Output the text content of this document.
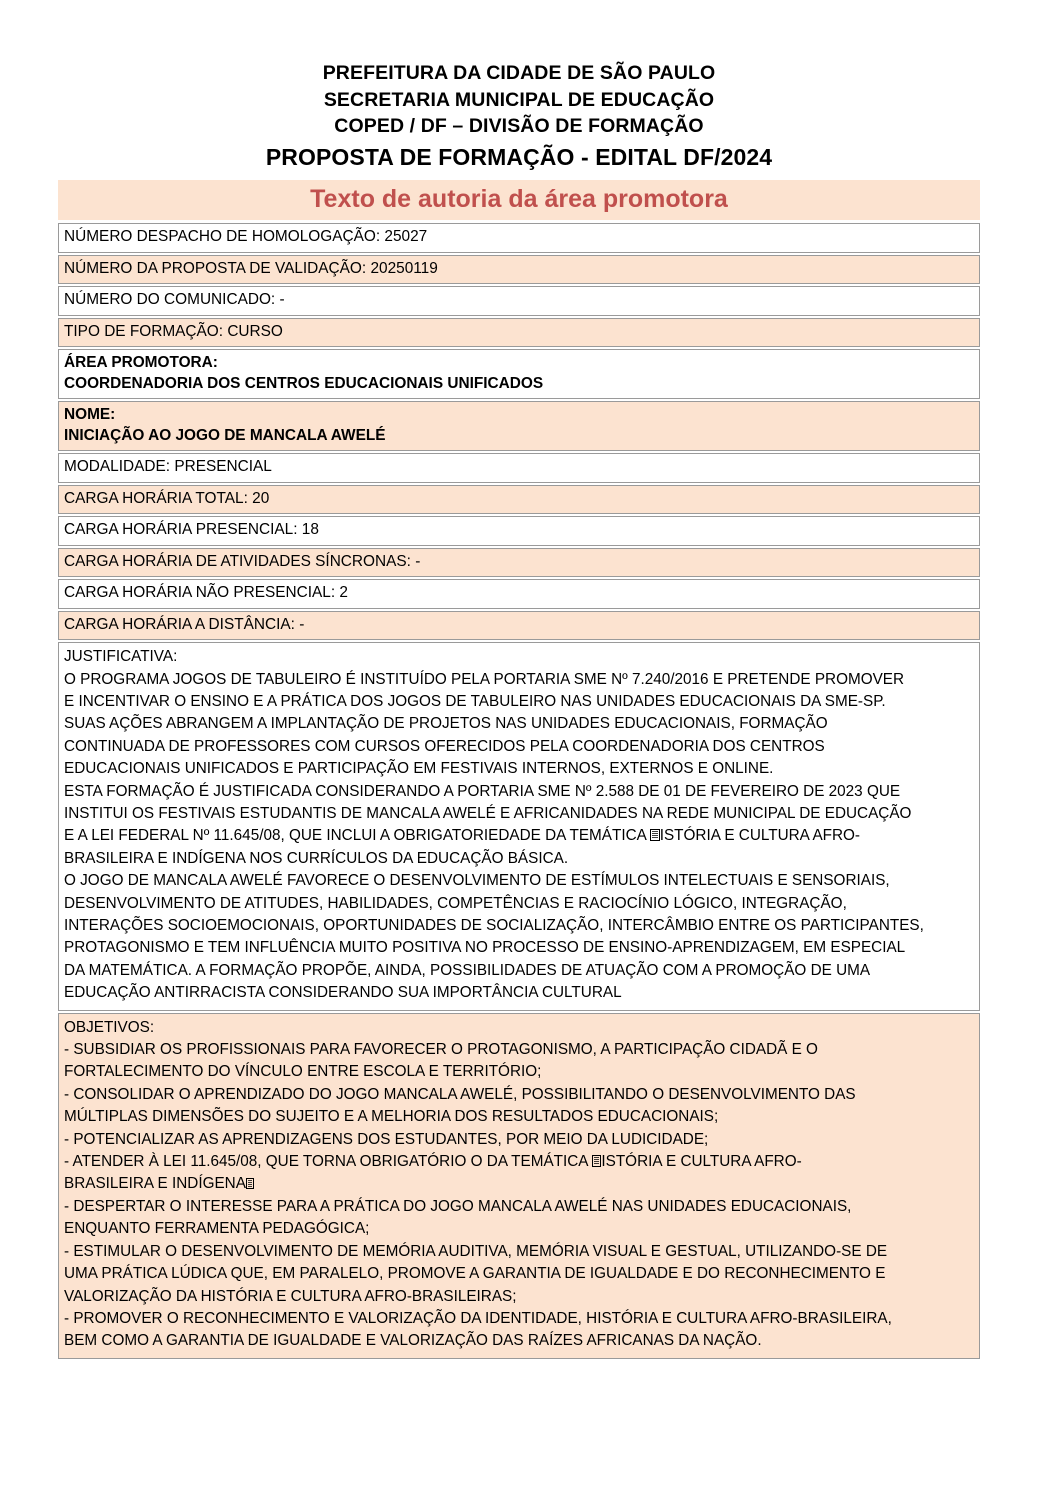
PREFEITURA DA CIDADE DE SÃO PAULO
SECRETARIA MUNICIPAL DE EDUCAÇÃO
COPED / DF – DIVISÃO DE FORMAÇÃO
PROPOSTA DE FORMAÇÃO - EDITAL DF/2024
Texto de autoria da área promotora
NÚMERO DESPACHO DE HOMOLOGAÇÃO: 25027
NÚMERO DA PROPOSTA DE VALIDAÇÃO: 20250119
NÚMERO DO COMUNICADO: -
TIPO DE FORMAÇÃO: CURSO

ÁREA PROMOTORA:
COORDENADORIA DOS CENTROS EDUCACIONAIS UNIFICADOS

NOME:
INICIAÇÃO AO JOGO DE MANCALA AWELÉ

MODALIDADE: PRESENCIAL
CARGA HORÁRIA TOTAL: 20
CARGA HORÁRIA PRESENCIAL: 18
CARGA HORÁRIA DE ATIVIDADES SÍNCRONAS: -
CARGA HORÁRIA NÃO PRESENCIAL: 2
CARGA HORÁRIA A DISTÂNCIA: -

JUSTIFICATIVA:
O PROGRAMA JOGOS DE TABULEIRO É INSTITUÍDO PELA PORTARIA SME Nº 7.240/2016 E PRETENDE PROMOVER
E INCENTIVAR O ENSINO E A PRÁTICA DOS JOGOS DE TABULEIRO NAS UNIDADES EDUCACIONAIS DA SME-SP.
SUAS AÇÕES ABRANGEM A IMPLANTAÇÃO DE PROJETOS NAS UNIDADES EDUCACIONAIS, FORMAÇÃO
CONTINUADA DE PROFESSORES COM CURSOS OFERECIDOS PELA COORDENADORIA DOS CENTROS
EDUCACIONAIS UNIFICADOS E PARTICIPAÇÃO EM FESTIVAIS INTERNOS, EXTERNOS E ONLINE.
ESTA FORMAÇÃO É JUSTIFICADA CONSIDERANDO A PORTARIA SME Nº 2.588 DE 01 DE FEVEREIRO DE 2023 QUE
INSTITUI OS FESTIVAIS ESTUDANTIS DE MANCALA AWELÉ E AFRICANIDADES NA REDE MUNICIPAL DE EDUCAÇÃO
E A LEI FEDERAL Nº 11.645/08, QUE INCLUI A OBRIGATORIEDADE DA TEMÁTICA ISTÓRIA E CULTURA AFRO-
BRASILEIRA E INDÍGENA NOS CURRÍCULOS DA EDUCAÇÃO BÁSICA.
O JOGO DE MANCALA AWELÉ FAVORECE O DESENVOLVIMENTO DE ESTÍMULOS INTELECTUAIS E SENSORIAIS,
DESENVOLVIMENTO DE ATITUDES, HABILIDADES, COMPETÊNCIAS E RACIOCÍNIO LÓGICO, INTEGRAÇÃO,
INTERAÇÕES SOCIOEMOCIONAIS, OPORTUNIDADES DE SOCIALIZAÇÃO, INTERCÂMBIO ENTRE OS PARTICIPANTES,
PROTAGONISMO E TEM INFLUÊNCIA MUITO POSITIVA NO PROCESSO DE ENSINO-APRENDIZAGEM, EM ESPECIAL
DA MATEMÁTICA. A FORMAÇÃO PROPÕE, AINDA, POSSIBILIDADES DE ATUAÇÃO COM A PROMOÇÃO DE UMA
EDUCAÇÃO ANTIRRACISTA CONSIDERANDO SUA IMPORTÂNCIA CULTURAL

OBJETIVOS:
- SUBSIDIAR OS PROFISSIONAIS PARA FAVORECER O PROTAGONISMO, A PARTICIPAÇÃO CIDADÃ E O
FORTALECIMENTO DO VÍNCULO ENTRE ESCOLA E TERRITÓRIO;
- CONSOLIDAR O APRENDIZADO DO JOGO MANCALA AWELÉ, POSSIBILITANDO O DESENVOLVIMENTO DAS
MÚLTIPLAS DIMENSÕES DO SUJEITO E A MELHORIA DOS RESULTADOS EDUCACIONAIS;
- POTENCIALIZAR AS APRENDIZAGENS DOS ESTUDANTES, POR MEIO DA LUDICIDADE;
- ATENDER À LEI 11.645/08, QUE TORNA OBRIGATÓRIO O DA TEMÁTICA ISTÓRIA E CULTURA AFRO-
BRASILEIRA E INDÍGENA
- DESPERTAR O INTERESSE PARA A PRÁTICA DO JOGO MANCALA AWELÉ NAS UNIDADES EDUCACIONAIS,
ENQUANTO FERRAMENTA PEDAGÓGICA;
- ESTIMULAR O DESENVOLVIMENTO DE MEMÓRIA AUDITIVA, MEMÓRIA VISUAL E GESTUAL, UTILIZANDO-SE DE
UMA PRÁTICA LÚDICA QUE, EM PARALELO, PROMOVE A GARANTIA DE IGUALDADE E DO RECONHECIMENTO E
VALORIZAÇÃO DA HISTÓRIA E CULTURA AFRO-BRASILEIRAS;
- PROMOVER O RECONHECIMENTO E VALORIZAÇÃO DA IDENTIDADE, HISTÓRIA E CULTURA AFRO-BRASILEIRA,
BEM COMO A GARANTIA DE IGUALDADE E VALORIZAÇÃO DAS RAÍZES AFRICANAS DA NAÇÃO.
